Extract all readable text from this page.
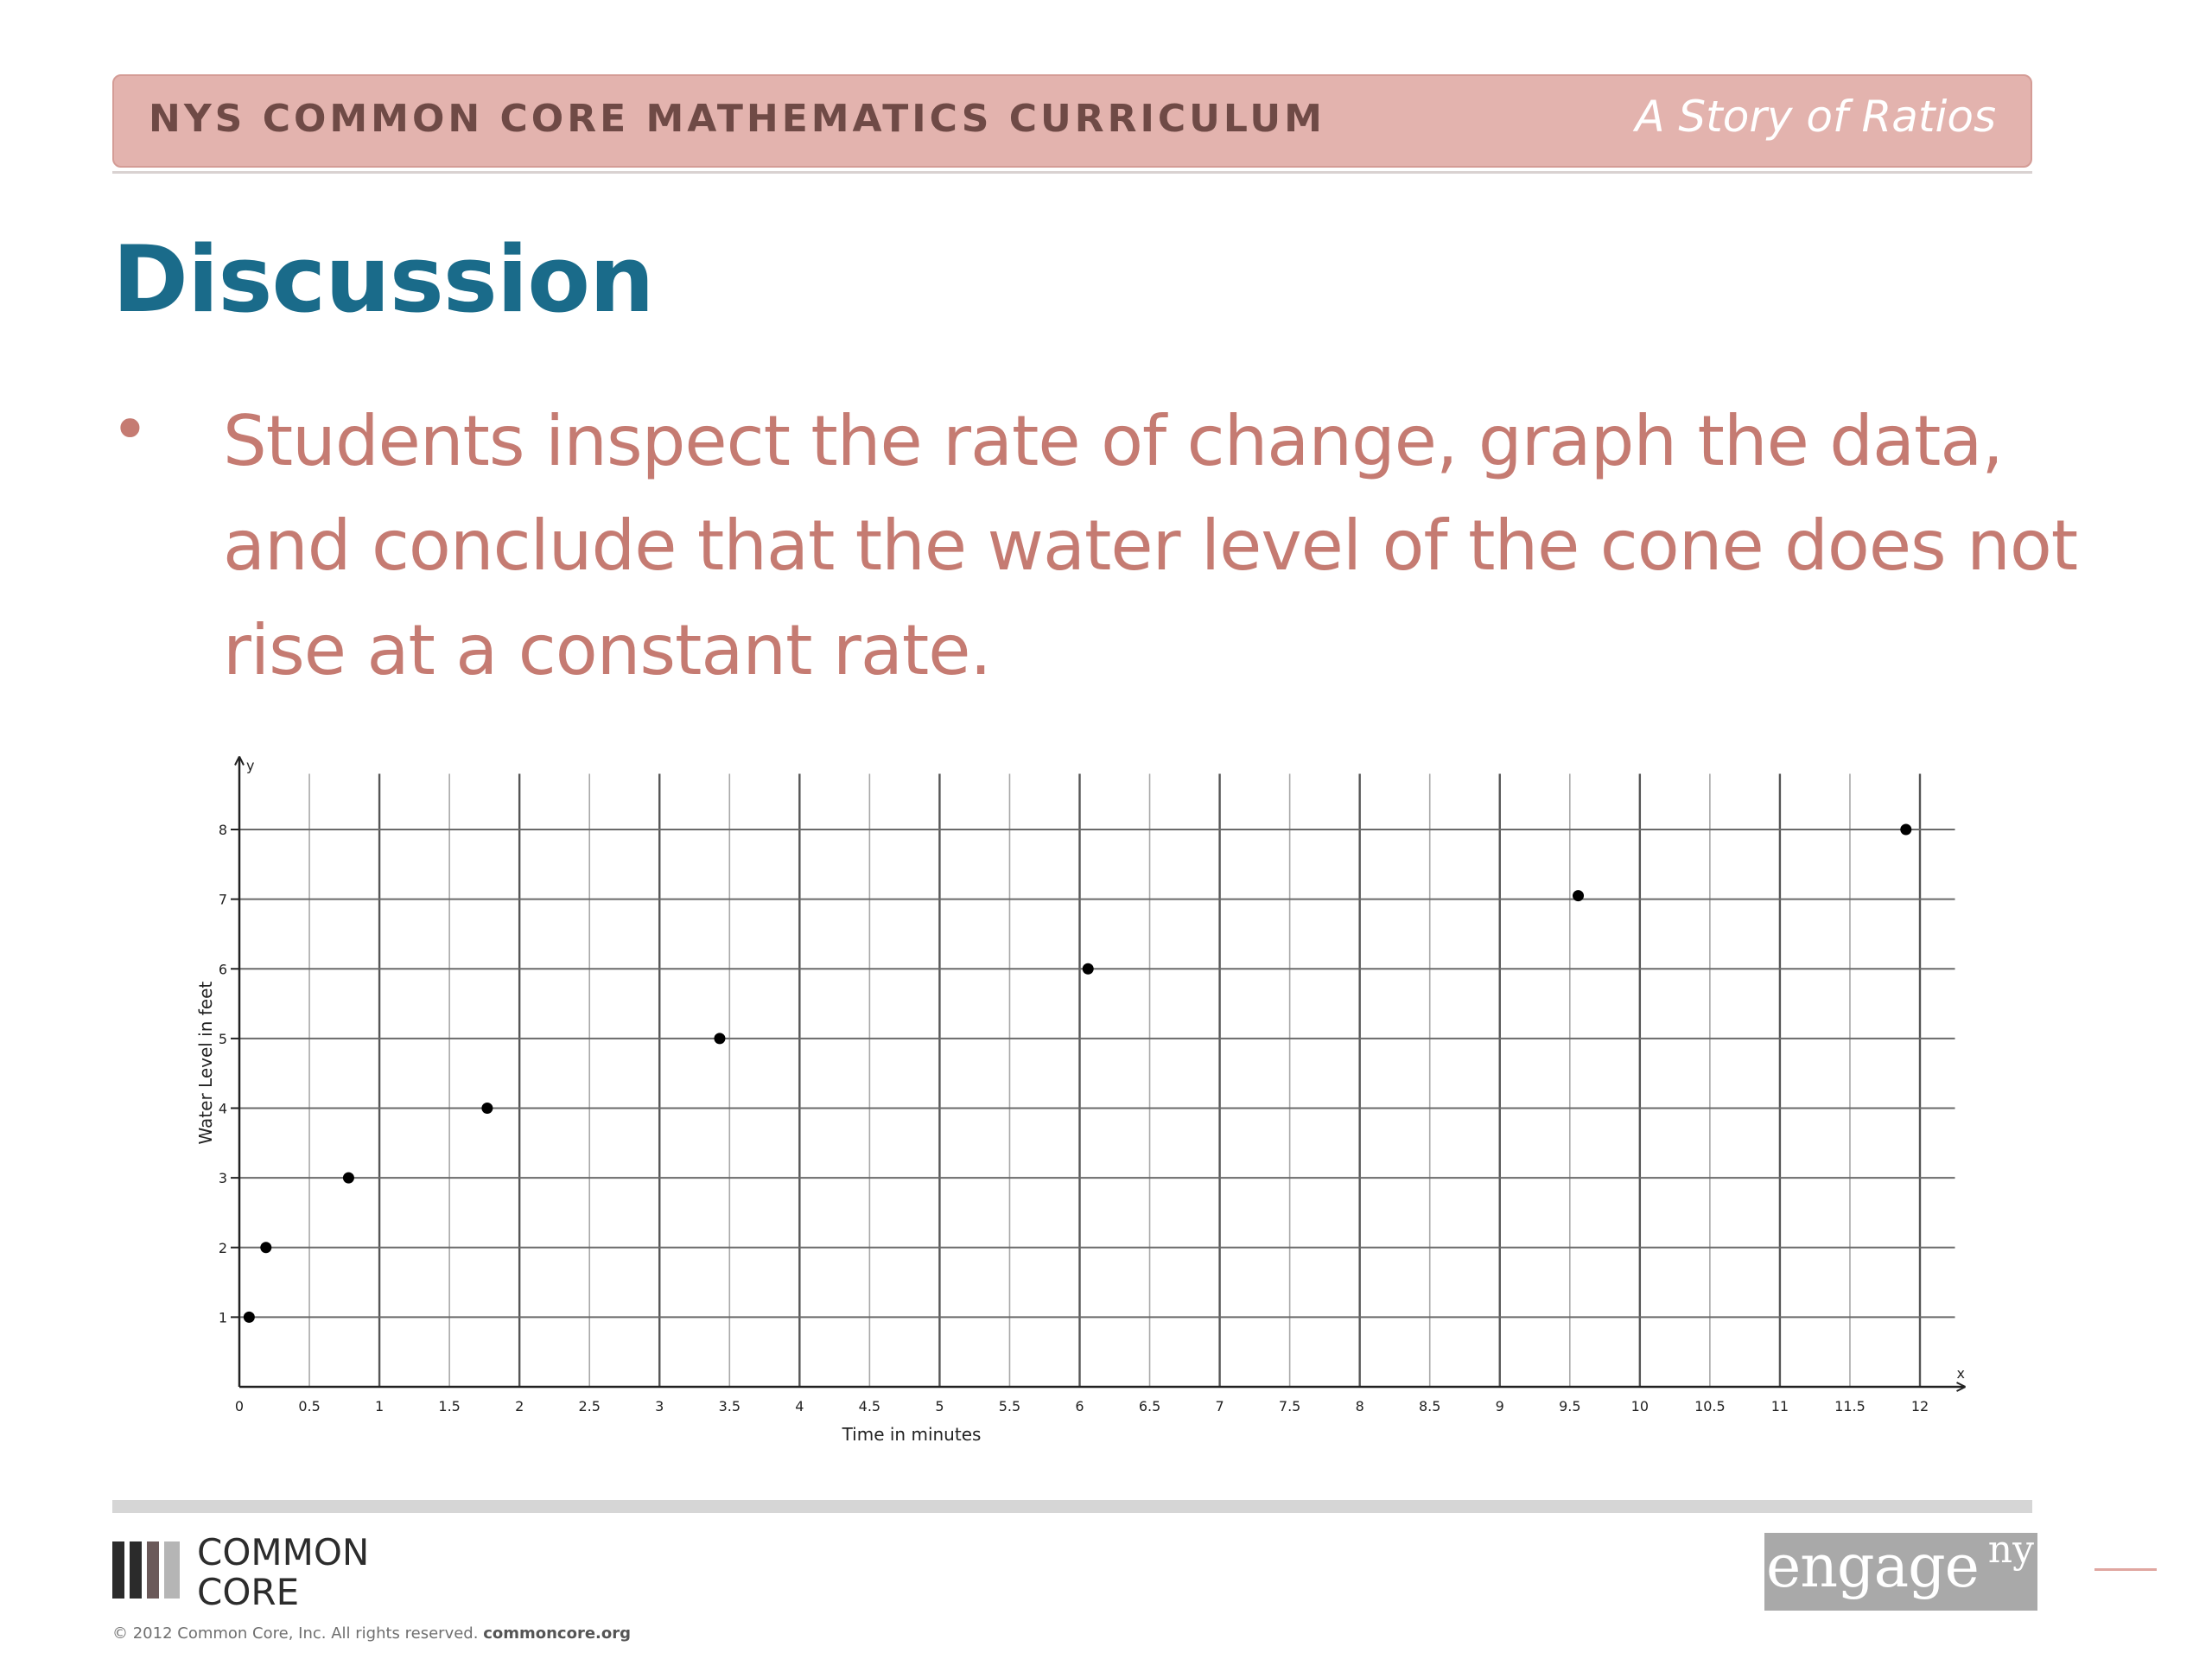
NYS COMMON CORE MATHEMATICS CURRICULUM	A Story of Ratios
Discussion
• Students inspect the rate of change, graph the data, and conclude that the water level of the cone does not rise at a constant rate.
0	0.5	1	1.5	2	2.5	3	3.5	4	4.5	5	5.5	6	6.5	7	7.5	8	8.5	9	9.5	10	10.5	11	11.5	12
1
2
3
4
5
6
7
8
x
y
Time in minutes
Water Level in feet
COMMON
CORE
© 2012 Common Core, Inc. All rights reserved. commoncore.org
engage ny
